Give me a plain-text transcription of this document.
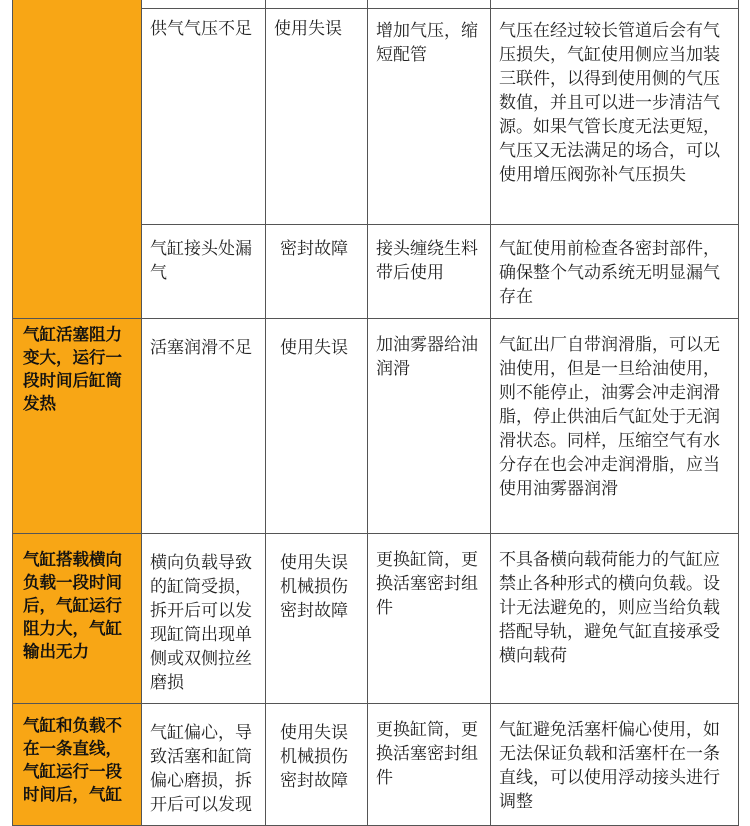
	供气气压不足	使用失误	增加气压，缩短配管	气压在经过较长管道后会有气压损失，气缸使用侧应当加装三联件，以得到使用侧的气压数值，并且可以进一步清洁气源。如果气管长度无法更短，气压又无法满足的场合，可以使用增压阀弥补气压损失
	气缸接头处漏气	密封故障	接头缠绕生料带后使用	气缸使用前检查各密封部件，确保整个气动系统无明显漏气存在
气缸活塞阻力变大，运行一段时间后缸筒发热	活塞润滑不足	使用失误	加油雾器给油润滑	气缸出厂自带润滑脂，可以无油使用，但是一旦给油使用，则不能停止，油雾会冲走润滑脂，停止供油后气缸处于无润滑状态。同样，压缩空气有水分存在也会冲走润滑脂，应当使用油雾器润滑
气缸搭载横向负载一段时间后，气缸运行阻力大，气缸输出无力	横向负载导致的缸筒受损，拆开后可以发现缸筒出现单侧或双侧拉丝磨损	使用失误机械损伤密封故障	更换缸筒，更换活塞密封组件	不具备横向载荷能力的气缸应禁止各种形式的横向负载。设计无法避免的，则应当给负载搭配导轨，避免气缸直接承受横向载荷
气缸和负载不在一条直线，气缸运行一段时间后，气缸	气缸偏心，导致活塞和缸筒偏心磨损，拆开后可以发现	使用失误机械损伤密封故障	更换缸筒，更换活塞密封组件	气缸避免活塞杆偏心使用，如无法保证负载和活塞杆在一条直线，可以使用浮动接头进行调整
